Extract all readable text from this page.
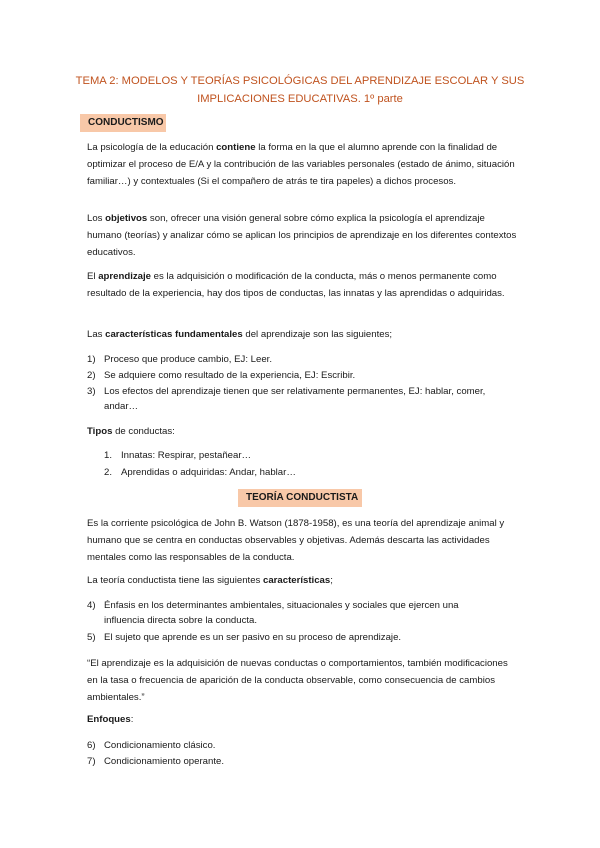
TEMA 2: MODELOS Y TEORÍAS PSICOLÓGICAS DEL APRENDIZAJE ESCOLAR Y SUS
IMPLICACIONES EDUCATIVAS. 1º parte
CONDUCTISMO

La psicología de la educación contiene la forma en la que el alumno aprende con la finalidad de optimizar el proceso de E/A y la contribución de las variables personales (estado de ánimo, situación familiar…) y contextuales (Si el compañero de atrás te tira papeles) a dichos procesos.

Los objetivos son, ofrecer una visión general sobre cómo explica la psicología el aprendizaje humano (teorías) y analizar cómo se aplican los principios de aprendizaje en los diferentes contextos educativos.

El aprendizaje es la adquisición o modificación de la conducta, más o menos permanente como resultado de la experiencia, hay dos tipos de conductas, las innatas y las aprendidas o adquiridas.

Las características fundamentales del aprendizaje son las siguientes;

1) Proceso que produce cambio, EJ: Leer.
2) Se adquiere como resultado de la experiencia, EJ: Escribir.
3) Los efectos del aprendizaje tienen que ser relativamente permanentes, EJ: hablar, comer,
andar…

Tipos de conductas:

1. Innatas: Respirar, pestañear…
2. Aprendidas o adquiridas: Andar, hablar…
TEORÍA CONDUCTISTA

Es la corriente psicológica de John B. Watson (1878-1958), es una teoría del aprendizaje animal y humano que se centra en conductas observables y objetivas. Además descarta las actividades mentales como las responsables de la conducta.

La teoría conductista tiene las siguientes características;

4) Énfasis en los determinantes ambientales, situacionales y sociales que ejercen una
influencia directa sobre la conducta.
5) El sujeto que aprende es un ser pasivo en su proceso de aprendizaje.

“El aprendizaje es la adquisición de nuevas conductas o comportamientos, también modificaciones en la tasa o frecuencia de aparición de la conducta observable, como consecuencia de cambios ambientales.”

Enfoques:

6) Condicionamiento clásico.
7) Condicionamiento operante.
